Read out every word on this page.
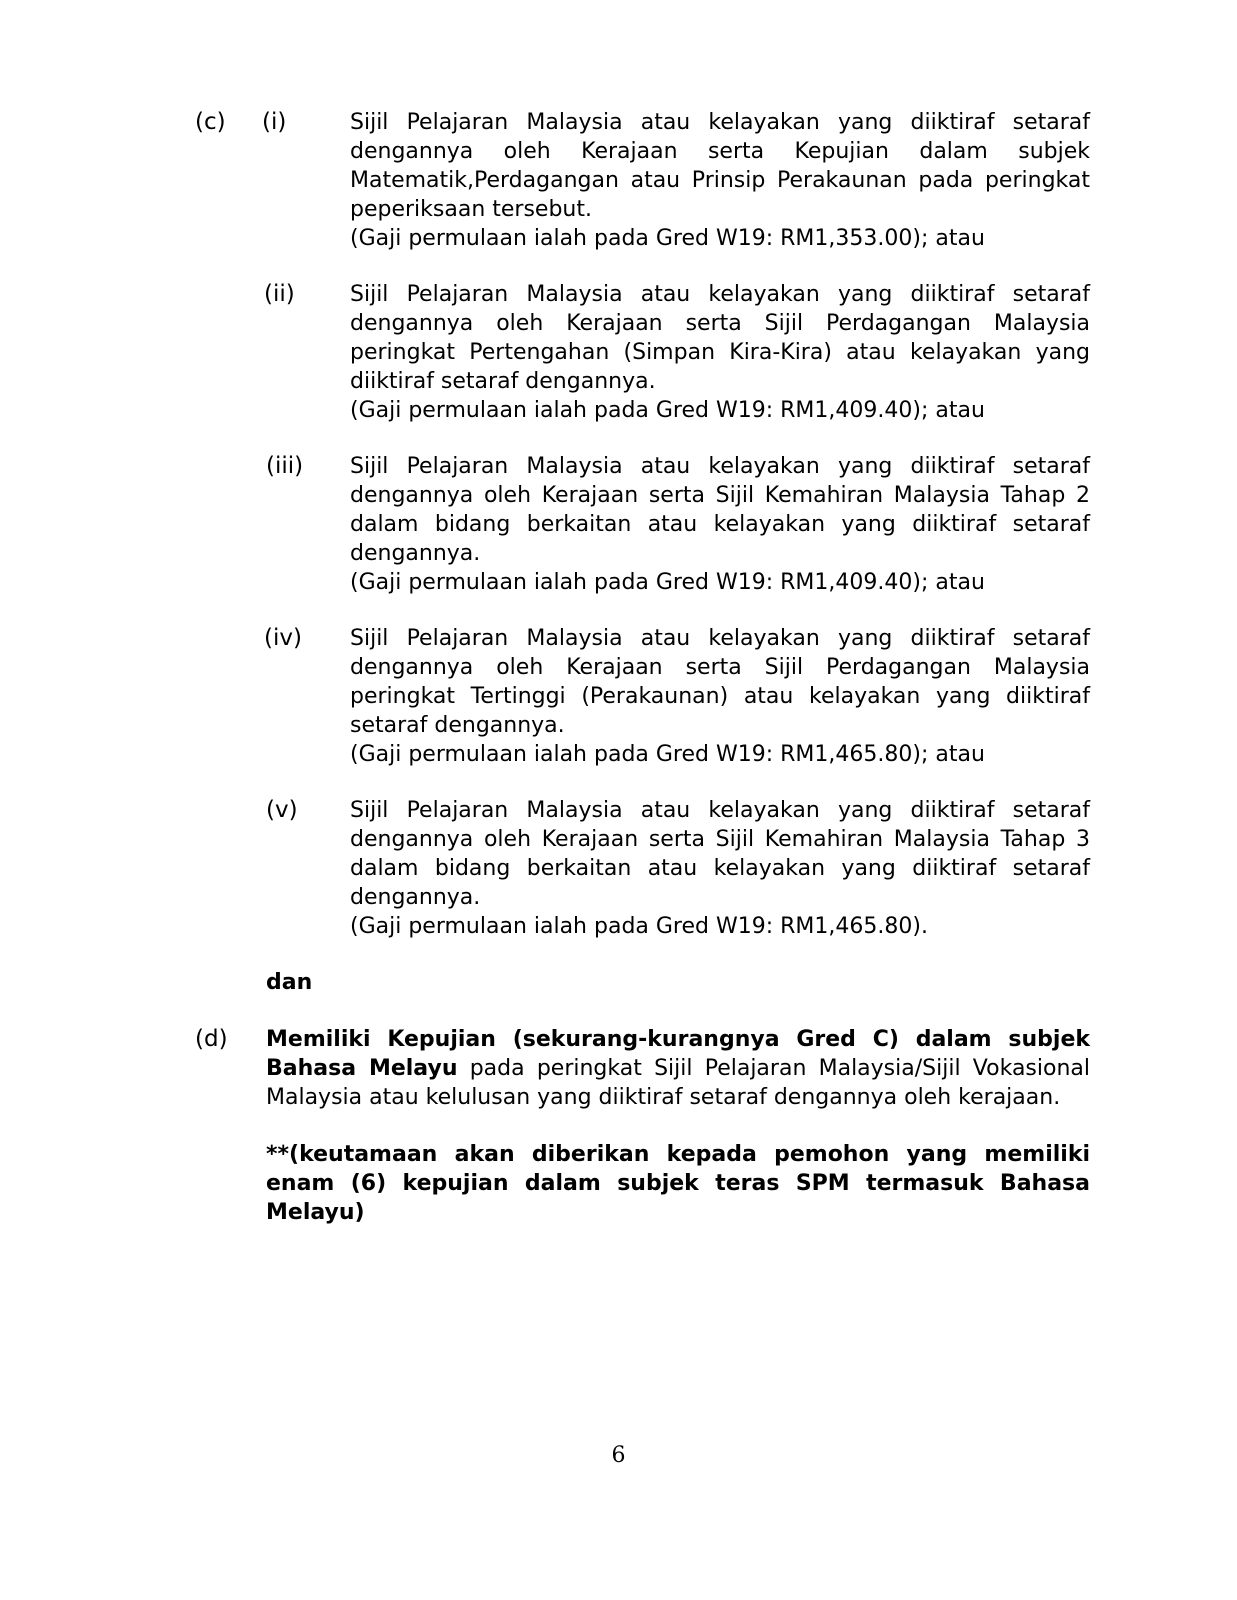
(c) (i)	Sijil Pelajaran Malaysia atau kelayakan yang diiktiraf setaraf dengannya oleh Kerajaan serta Kepujian dalam subjek Matematik,Perdagangan atau Prinsip Perakaunan pada peringkat peperiksaan tersebut.
(Gaji permulaan ialah pada Gred W19: RM1,353.00); atau
(ii)	Sijil Pelajaran Malaysia atau kelayakan yang diiktiraf setaraf dengannya oleh Kerajaan serta Sijil Perdagangan Malaysia peringkat Pertengahan (Simpan Kira-Kira) atau kelayakan yang diiktiraf setaraf dengannya.
(Gaji permulaan ialah pada Gred W19: RM1,409.40); atau
(iii) Sijil Pelajaran Malaysia atau kelayakan yang diiktiraf setaraf dengannya oleh Kerajaan serta Sijil Kemahiran Malaysia Tahap 2 dalam bidang berkaitan atau kelayakan yang diiktiraf setaraf dengannya.
(Gaji permulaan ialah pada Gred W19: RM1,409.40); atau
(iv) Sijil Pelajaran Malaysia atau kelayakan yang diiktiraf setaraf dengannya oleh Kerajaan serta Sijil Perdagangan Malaysia peringkat Tertinggi (Perakaunan) atau kelayakan yang diiktiraf setaraf dengannya.
(Gaji permulaan ialah pada Gred W19: RM1,465.80); atau
(v) Sijil Pelajaran Malaysia atau kelayakan yang diiktiraf setaraf dengannya oleh Kerajaan serta Sijil Kemahiran Malaysia Tahap 3 dalam bidang berkaitan atau kelayakan yang diiktiraf setaraf dengannya.
(Gaji permulaan ialah pada Gred W19: RM1,465.80).
dan
(d) Memiliki Kepujian (sekurang-kurangnya Gred C) dalam subjek Bahasa Melayu pada peringkat Sijil Pelajaran Malaysia/Sijil Vokasional Malaysia atau kelulusan yang diiktiraf setaraf dengannya oleh kerajaan.
**(keutamaan akan diberikan kepada pemohon yang memiliki enam (6) kepujian dalam subjek teras SPM termasuk Bahasa Melayu)
6
